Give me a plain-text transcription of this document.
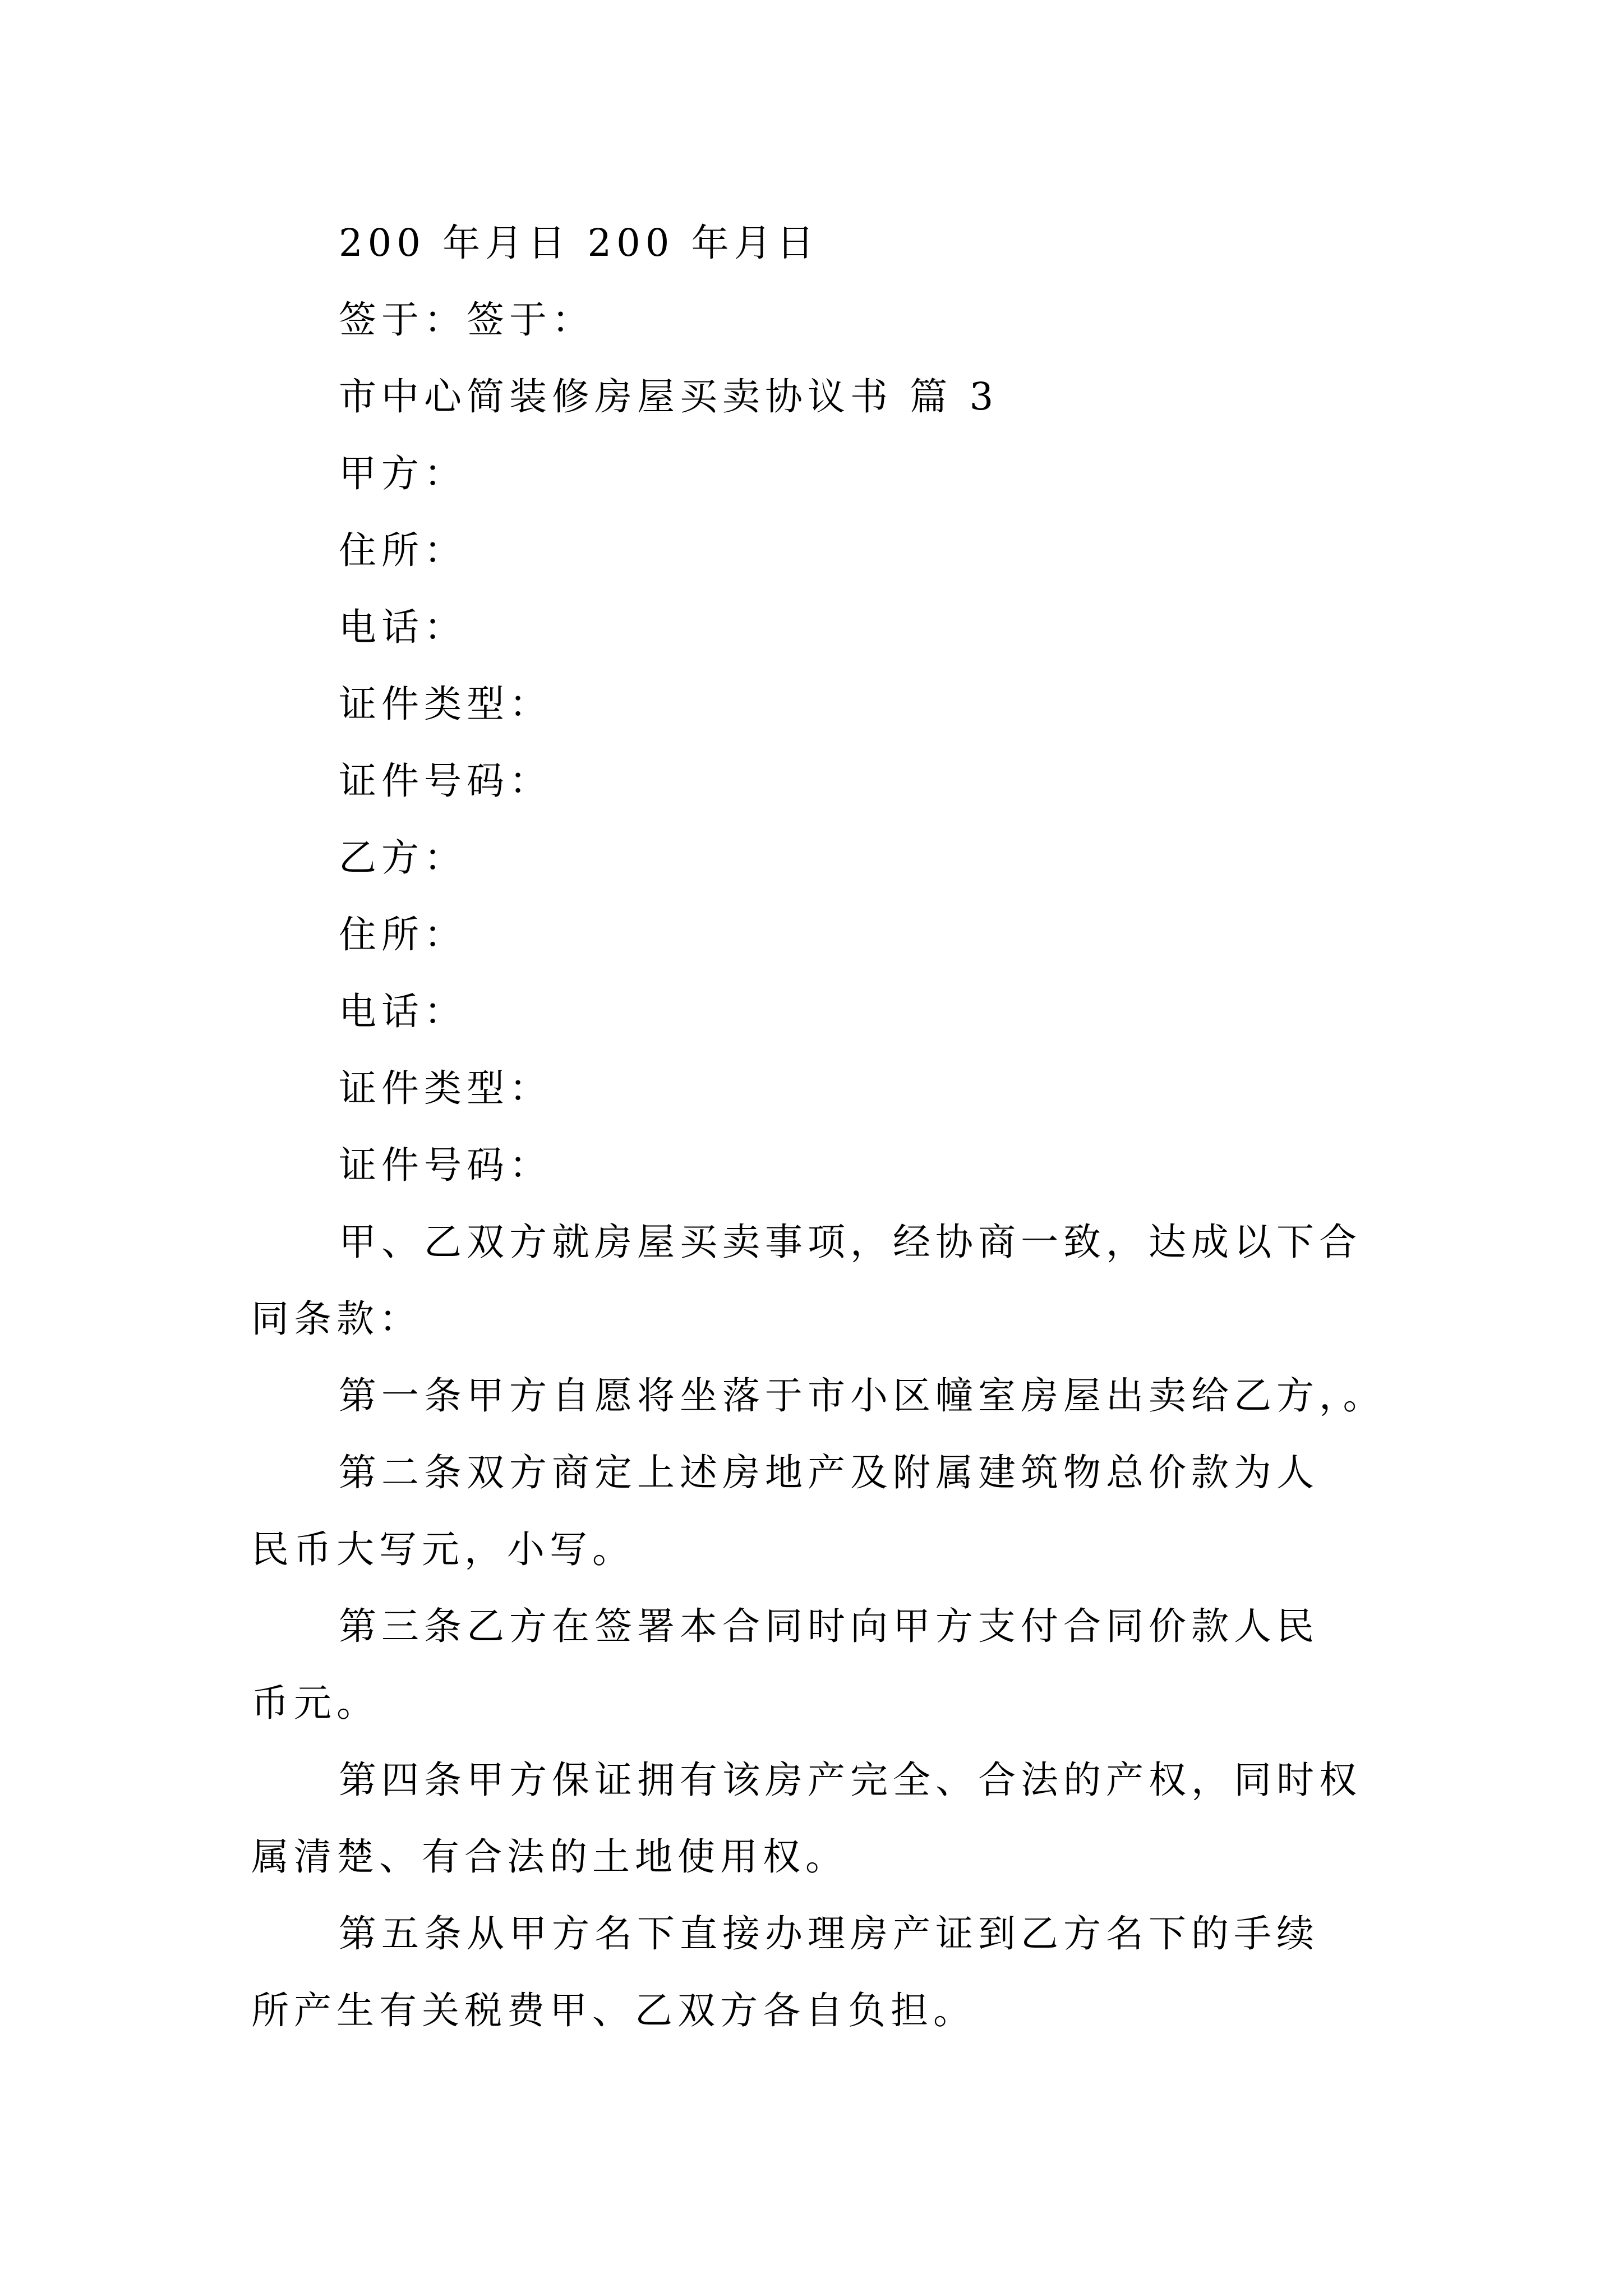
200 年月日 200 年月日

签于：签于：

市中心简装修房屋买卖协议书 篇 3

甲方：

住所：

电话：

证件类型：

证件号码：

乙方：

住所：

电话：

证件类型：

证件号码：

甲、乙双方就房屋买卖事项，经协商一致，达成以下合

同条款：

第一条甲方自愿将坐落于市小区幢室房屋出卖给乙方，。

第二条双方商定上述房地产及附属建筑物总价款为人

民币大写元，小写。

第三条乙方在签署本合同时向甲方支付合同价款人民

币元。

第四条甲方保证拥有该房产完全、合法的产权，同时权

属清楚、有合法的土地使用权。

第五条从甲方名下直接办理房产证到乙方名下的手续

所产生有关税费甲、乙双方各自负担。
